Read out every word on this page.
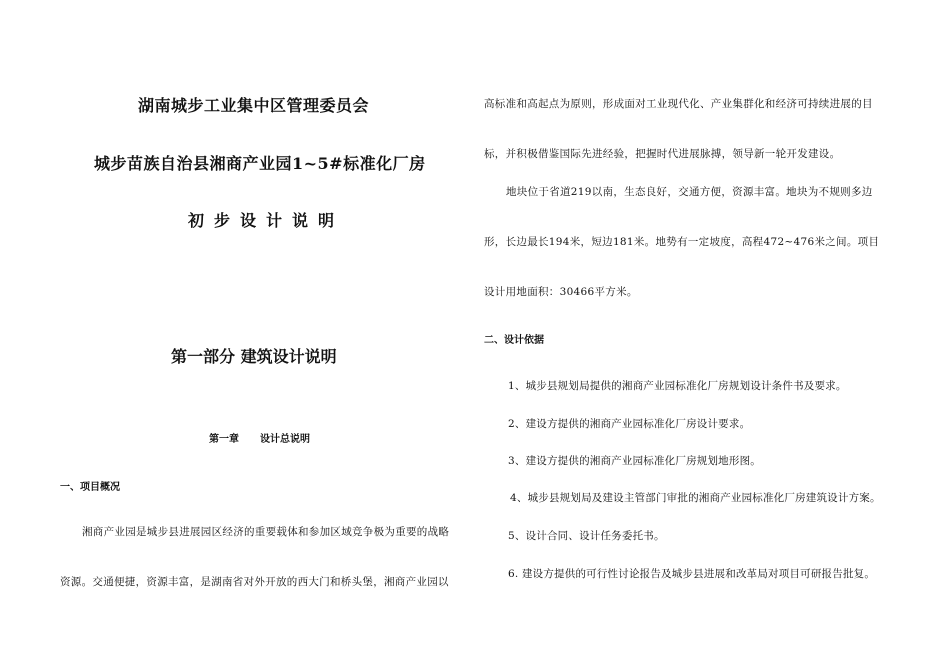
湖南城步工业集中区管理委员会
城步苗族自治县湘商产业园1~5#标准化厂房
初步设计说明
第一部分 建筑设计说明
第一章 设计总说明
一、项目概况
湘商产业园是城步县进展园区经济的重要载体和参加区域竞争极为重要的战略
资源。交通便捷，资源丰富，是湖南省对外开放的西大门和桥头堡，湘商产业园以
高标准和高起点为原则，形成面对工业现代化、产业集群化和经济可持续进展的目
标，并积极借鉴国际先进经验，把握时代进展脉搏，领导新一轮开发建设。
地块位于省道219以南，生态良好，交通方便，资源丰富。地块为不规则多边
形，长边最长194米，短边181米。地势有一定坡度，高程472~476米之间。项目
设计用地面积：30466平方米。
二、设计依据
1、城步县规划局提供的湘商产业园标准化厂房规划设计条件书及要求。
2、建设方提供的湘商产业园标准化厂房设计要求。
3、建设方提供的湘商产业园标准化厂房规划地形图。
4、城步县规划局及建设主管部门审批的湘商产业园标准化厂房建筑设计方案。
5、设计合同、设计任务委托书。
6. 建设方提供的可行性讨论报告及城步县进展和改革局对项目可研报告批复。
